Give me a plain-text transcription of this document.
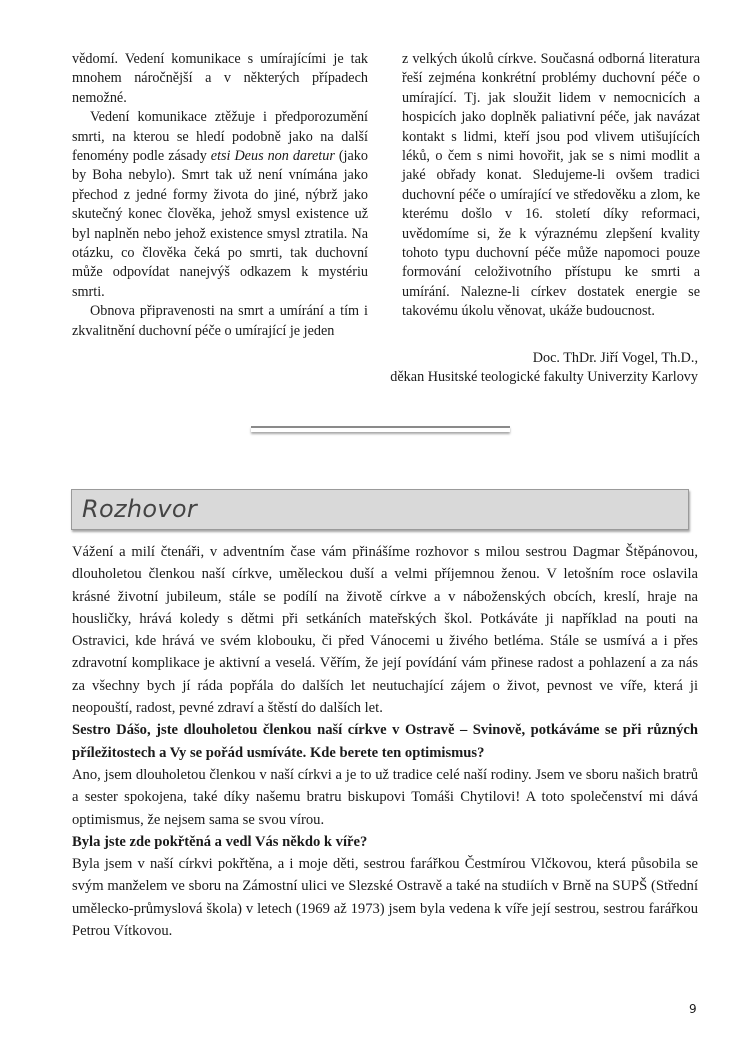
vědomí. Vedení komunikace s umírajícími je tak mnohem náročnější a v některých případech nemožné.

Vedení komunikace ztěžuje i předporozumění smrti, na kterou se hledí podobně jako na další fenomény podle zásady etsi Deus non daretur (jako by Boha nebylo). Smrt tak už není vnímána jako přechod z jedné formy života do jiné, nýbrž jako skutečný konec člověka, jehož smysl existence už byl naplněn nebo jehož existence smysl ztratila. Na otázku, co člověka čeká po smrti, tak duchovní může odpovídat nanejvýš odkazem k mystériu smrti.

Obnova připravenosti na smrt a umírání a tím i zkvalitnění duchovní péče o umírající je jeden

z velkých úkolů církve. Současná odborná literatura řeší zejména konkrétní problémy duchovní péče o umírající. Tj. jak sloužit lidem v nemocnicích a hospicích jako doplněk paliativní péče, jak navázat kontakt s lidmi, kteří jsou pod vlivem utišujících léků, o čem s nimi hovořit, jak se s nimi modlit a jaké obřady konat. Sledujeme-li ovšem tradici duchovní péče o umírající ve středověku a zlom, ke kterému došlo v 16. století díky reformaci, uvědomíme si, že k výraznému zlepšení kvality tohoto typu duchovní péče může napomoci pouze formování celoživotního přístupu ke smrti a umírání. Nalezne-li církev dostatek energie se takovému úkolu věnovat, ukáže budoucnost.

Doc. ThDr. Jiří Vogel, Th.D.,
děkan Husitské teologické fakulty Univerzity Karlovy
Rozhovor

Vážení a milí čtenáři, v adventním čase vám přinášíme rozhovor s milou sestrou Dagmar Štěpánovou, dlouholetou členkou naší církve, uměleckou duší a velmi příjemnou ženou. V letošním roce oslavila krásné životní jubileum, stále se podílí na životě církve a v náboženských obcích, kreslí, hraje na housličky, hrává koledy s dětmi při setkáních mateřských škol. Potkáváte ji například na pouti na Ostravici, kde hrává ve svém klobouku, či před Vánocemi u živého betléma. Stále se usmívá a i přes zdravotní komplikace je aktivní a veselá. Věřím, že její povídání vám přinese radost a pohlazení a za nás za všechny bych jí ráda popřála do dalších let neutuchající zájem o život, pevnost ve víře, která ji neopouští, radost, pevné zdraví a štěstí do dalších let.

Sestro Dášo, jste dlouholetou členkou naší církve v Ostravě – Svinově, potkáváme se při různých příležitostech a Vy se pořád usmíváte. Kde berete ten optimismus?

Ano, jsem dlouholetou členkou v naší církvi a je to už tradice celé naší rodiny. Jsem ve sboru našich bratrů a sester spokojena, také díky našemu bratru biskupovi Tomáši Chytilovi! A toto společenství mi dává optimismus, že nejsem sama se svou vírou.

Byla jste zde pokřtěná a vedl Vás někdo k víře?

Byla jsem v naší církvi pokřtěna, a i moje děti, sestrou farářkou Čestmírou Vlčkovou, která působila se svým manželem ve sboru na Zámostní ulici ve Slezské Ostravě a také na studiích v Brně na SUPŠ (Střední umělecko-průmyslová škola) v letech (1969 až 1973) jsem byla vedena k víře její sestrou, sestrou farářkou Petrou Vítkovou.

9
